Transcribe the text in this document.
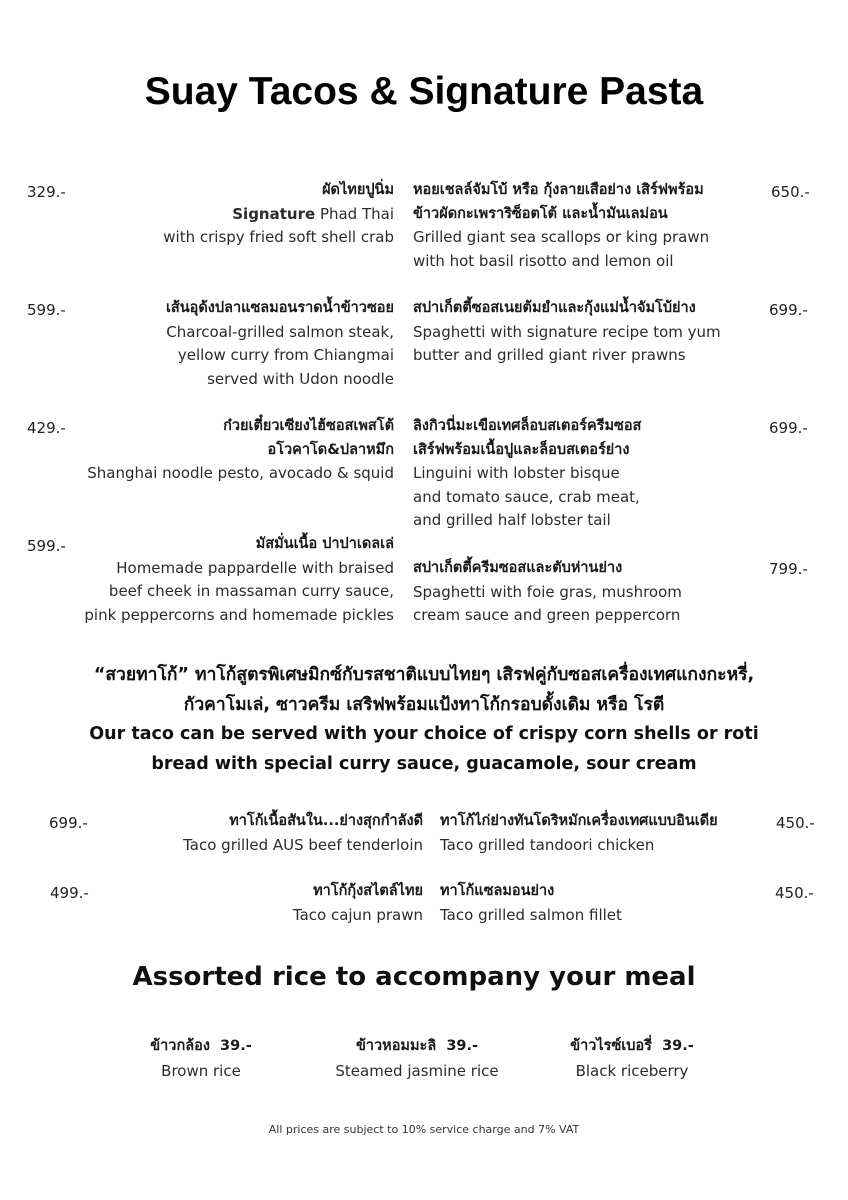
Suay Tacos & Signature Pasta
329.-	ผัดไทยปูนิ่ม
Signature Phad Thai
with crispy fried soft shell crab
599.-	เส้นอุด้งปลาแซลมอนราดน้ำข้าวซอย
Charcoal-grilled salmon steak,
yellow curry from Chiangmai
served with Udon noodle
429.-	ก๋วยเตี๋ยวเซียงไฮ้ซอสเพสโต้
อโวคาโด&ปลาหมึก
Shanghai noodle pesto, avocado & squid
599.-	มัสมั่นเนื้อ ปาปาเดลเล่
Homemade pappardelle with braised
beef cheek in massaman curry sauce,
pink peppercorns and homemade pickles
หอยเชลล์จัมโบ้ หรือ กุ้งลายเสือย่าง เสิร์ฟพร้อม
ข้าวผัดกะเพราริซ็อตโต้ และน้ำมันเลม่อน
Grilled giant sea scallops or king prawn
with hot basil risotto and lemon oil
650.-
สปาเก็ตตี้ซอสเนยต้มยำและกุ้งแม่น้ำจัมโบ้ย่าง
Spaghetti with signature recipe tom yum
butter and grilled giant river prawns
699.-
ลิงกิวนี่มะเขือเทศล็อบสเตอร์ครีมซอส
เสิร์ฟพร้อมเนื้อปูและล็อบสเตอร์ย่าง
Linguini with lobster bisque
and tomato sauce, crab meat,
and grilled half lobster tail
699.-
สปาเก็ตตี้ครีมซอสและตับห่านย่าง
Spaghetti with foie gras, mushroom
cream sauce and green peppercorn
799.-
“สวยทาโก้” ทาโก้สูตรพิเศษมิกซ์กับรสชาติแบบไทยๆ เสิรฟคู่กับซอสเครื่องเทศแกงกะหรี่,
กัวคาโมเล่, ซาวครีม เสริฟพร้อมแป้งทาโก้กรอบดั้งเดิม หรือ โรตี
Our taco can be served with your choice of crispy corn shells or roti
bread with special curry sauce, guacamole, sour cream
699.-	ทาโก้เนื้อสันใน...ย่างสุกกำลังดี
Taco grilled AUS beef tenderloin
499.-	ทาโก้กุ้งสไตล์ไทย
Taco cajun prawn
ทาโก้ไก่ย่างทันโดริหมักเครื่องเทศแบบอินเดีย
Taco grilled tandoori chicken
450.-
ทาโก้แซลมอนย่าง
Taco grilled salmon fillet
450.-
Assorted rice to accompany your meal
ข้าวกล้อง 39.-
Brown rice
ข้าวหอมมะลิ 39.-
Steamed jasmine rice
ข้าวไรซ์เบอรี่ 39.-
Black riceberry
All prices are subject to 10% service charge and 7% VAT
